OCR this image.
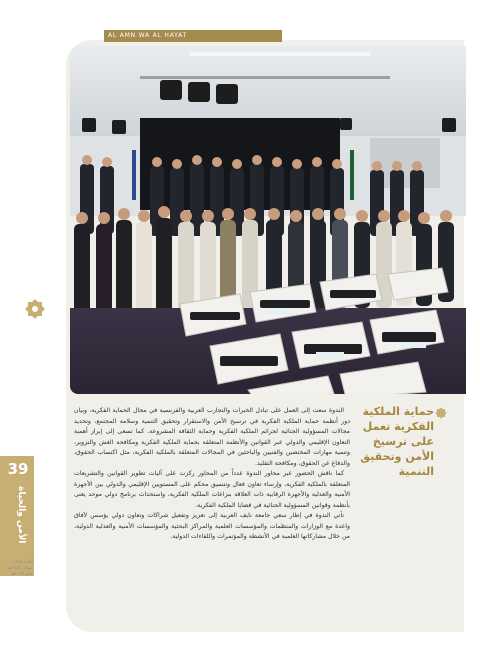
AL AMN WA AL HAYAT
39
الأمن والحياة
العدد ٤٨٥ - شوال ١٤٤٤هـ - مايو ٢٠٢٣م
حماية الملكية الفكرية تعمل على ترسيخ الأمن وتحقيق التنمية

الندوة سعت إلى العمل على تبادل الخبرات والتجارب العربية والفرنسية في مجال الحماية الفكرية، وبيان دور أنظمة حماية الملكية الفكرية في ترسيخ الأمن والاستقرار وتحقيق التنمية وسلامة المجتمع، وتحديد مجالات المسؤولية الجنائية لجرائم الملكية الفكرية وحماية الثقافة المشروعة. كما تسعى إلى إبراز أهمية التعاون الإقليمي والدولي عبر القوانين والأنظمة المتعلقة بحماية الملكية الفكرية ومكافحة الغش والتزوير، وتنمية مهارات المختصين والفنيين والباحثين في المجالات المتعلقة بالملكية الفكرية، مثل اكتساب الحقوق، والدفاع عن الحقوق، ومكافحة التقليد.

كما ناقش الحضور عبر محاور الندوة عدداً من المحاور ركزت على آليات تطوير القوانين والتشريعات المتعلقة بالملكية الفكرية، وإرساء تعاون فعال وتنسيق محكم على المستويين الإقليمي والدولي بين الأجهزة الأمنية والعدلية والأجهزة الرقابية ذات العلاقة بنزاعات الملكية الفكرية، واستحداث برنامج دولي موحد يعنى بأنظمة وقوانين المسؤولية الجنائية في قضايا الملكية الفكرية.

تأتي الندوة في إطار سعي جامعة نايف العربية إلى تعزيز وتفعيل شراكات وتعاون دولي يؤسس لآفاق واعدة مع الوزارات والمنظمات والمؤسسات العلمية والمراكز البحثية والمؤسسات الأمنية والعدلية الدولية، من خلال مشاركاتها العلمية في الأنشطة والمؤتمرات واللقاءات الدولية.
